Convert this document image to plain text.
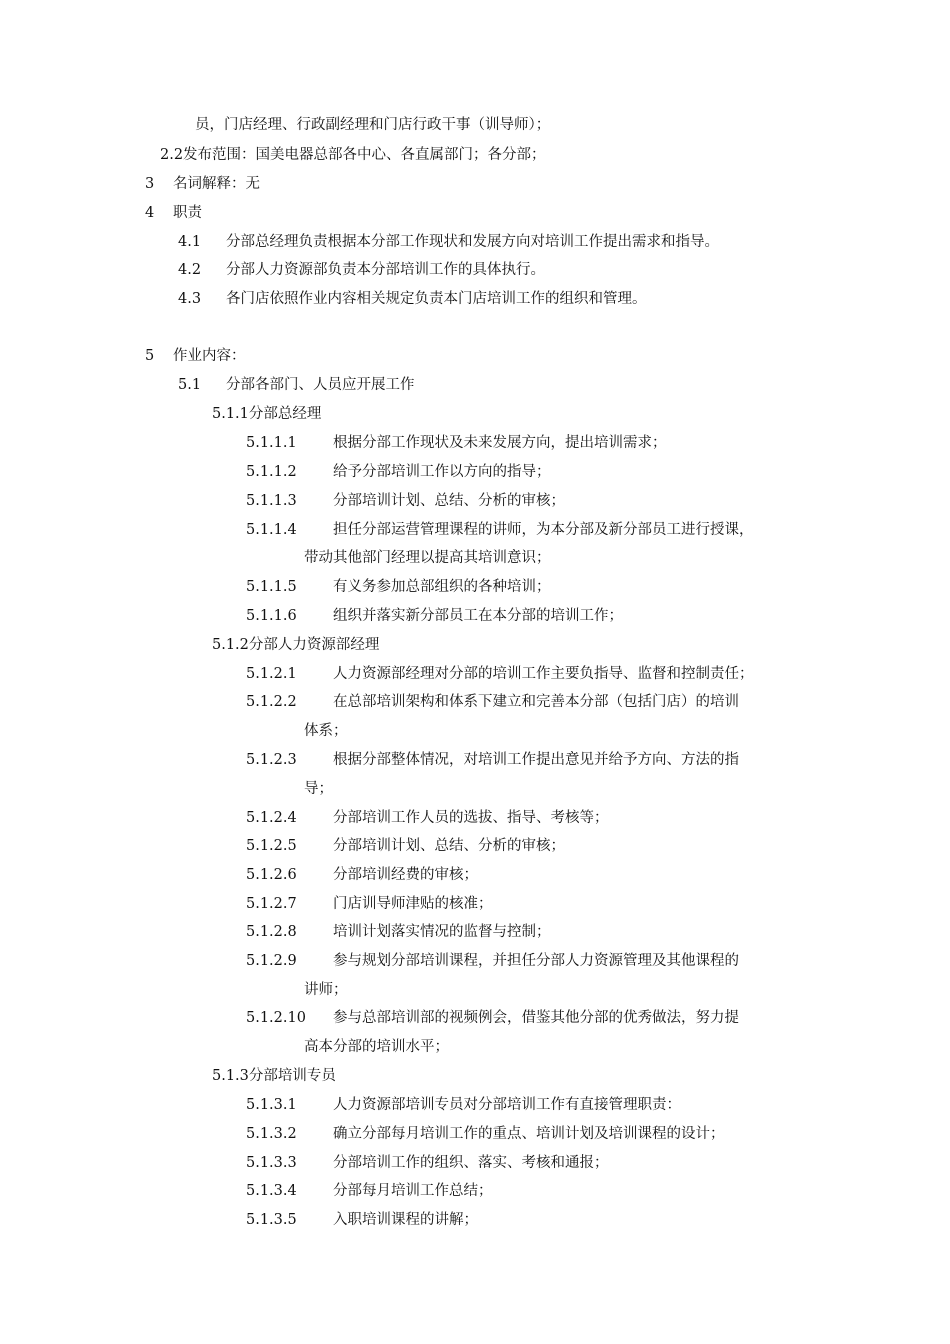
员，门店经理、行政副经理和门店行政干事（训导师）；
2.2发布范围：国美电器总部各中心、各直属部门；各分部；
3 名词解释：无
4 职责
4.1 分部总经理负责根据本分部工作现状和发展方向对培训工作提出需求和指导。
4.2 分部人力资源部负责本分部培训工作的具体执行。
4.3 各门店依照作业内容相关规定负责本门店培训工作的组织和管理。
5 作业内容：
5.1 分部各部门、人员应开展工作
5.1.1分部总经理
5.1.1.1	根据分部工作现状及未来发展方向，提出培训需求；
5.1.1.2	给予分部培训工作以方向的指导；
5.1.1.3	分部培训计划、总结、分析的审核；
5.1.1.4	担任分部运营管理课程的讲师，为本分部及新分部员工进行授课，
带动其他部门经理以提高其培训意识；
5.1.1.5	有义务参加总部组织的各种培训；
5.1.1.6	组织并落实新分部员工在本分部的培训工作；
5.1.2分部人力资源部经理
5.1.2.1	人力资源部经理对分部的培训工作主要负指导、监督和控制责任；
5.1.2.2	在总部培训架构和体系下建立和完善本分部（包括门店）的培训
体系；
5.1.2.3	根据分部整体情况，对培训工作提出意见并给予方向、方法的指
导；
5.1.2.4	分部培训工作人员的选拔、指导、考核等；
5.1.2.5	分部培训计划、总结、分析的审核；
5.1.2.6	分部培训经费的审核；
5.1.2.7	门店训导师津贴的核准；
5.1.2.8	培训计划落实情况的监督与控制；
5.1.2.9	参与规划分部培训课程，并担任分部人力资源管理及其他课程的
讲师；
5.1.2.10 参与总部培训部的视频例会，借鉴其他分部的优秀做法，努力提
高本分部的培训水平；
5.1.3分部培训专员
5.1.3.1	人力资源部培训专员对分部培训工作有直接管理职责：
5.1.3.2	确立分部每月培训工作的重点、培训计划及培训课程的设计；
5.1.3.3	分部培训工作的组织、落实、考核和通报；
5.1.3.4	分部每月培训工作总结；
5.1.3.5	入职培训课程的讲解；
